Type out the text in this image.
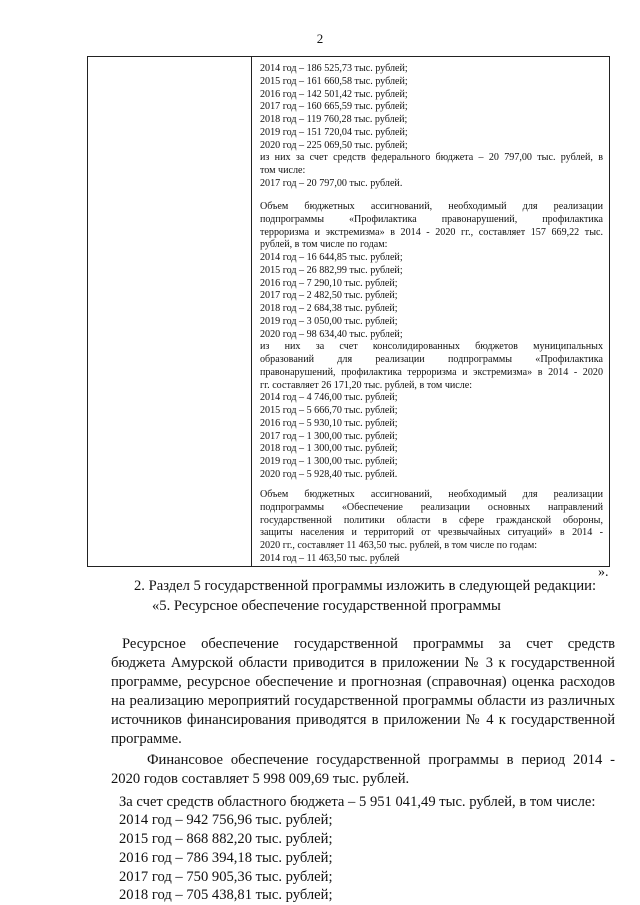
2
2014 год – 186 525,73 тыс. рублей;
2015 год – 161 660,58 тыс. рублей;
2016 год – 142 501,42 тыс. рублей;
2017 год – 160 665,59 тыс. рублей;
2018 год – 119 760,28 тыс. рублей;
2019 год – 151 720,04 тыс. рублей;
2020 год – 225 069,50 тыс. рублей;
из них за счет средств федерального бюджета – 20 797,00 тыс. рублей, в
том числе:
2017 год – 20 797,00 тыс. рублей.
Объем бюджетных ассигнований, необходимый для реализации
подпрограммы «Профилактика правонарушений, профилактика
терроризма и экстремизма» в 2014 - 2020 гг., составляет 157 669,22 тыс.
рублей, в том числе по годам:
2014 год – 16 644,85 тыс. рублей;
2015 год – 26 882,99 тыс. рублей;
2016 год – 7 290,10 тыс. рублей;
2017 год – 2 482,50 тыс. рублей;
2018 год – 2 684,38 тыс. рублей;
2019 год – 3 050,00 тыс. рублей;
2020 год – 98 634,40 тыс. рублей;
из них за счет консолидированных бюджетов муниципальных
образований для реализации подпрограммы «Профилактика
правонарушений, профилактика терроризма и экстремизма» в 2014 - 2020
гг. составляет 26 171,20 тыс. рублей, в том числе:
2014 год – 4 746,00 тыс. рублей;
2015 год – 5 666,70 тыс. рублей;
2016 год – 5 930,10 тыс. рублей;
2017 год – 1 300,00 тыс. рублей;
2018 год – 1 300,00 тыс. рублей;
2019 год – 1 300,00 тыс. рублей;
2020 год – 5 928,40 тыс. рублей.
Объем бюджетных ассигнований, необходимый для реализации
подпрограммы «Обеспечение реализации основных направлений
государственной политики области в сфере гражданской обороны,
защиты населения и территорий от чрезвычайных ситуаций» в 2014 -
2020 гг., составляет 11 463,50 тыс. рублей, в том числе по годам:
2014 год – 11 463,50 тыс. рублей
».
2. Раздел 5 государственной программы изложить в следующей редакции:
«5. Ресурсное обеспечение государственной программы
Ресурсное обеспечение государственной программы за счет средств
бюджета Амурской области приводится в приложении № 3 к государственной
программе, ресурсное обеспечение и прогнозная (справочная) оценка расходов
на реализацию мероприятий государственной программы области из различных
источников финансирования приводятся в приложении № 4 к государственной
программе.
Финансовое обеспечение государственной программы в период 2014 -
2020 годов составляет 5 998 009,69 тыс. рублей.
За счет средств областного бюджета – 5 951 041,49 тыс. рублей, в том числе:
2014 год – 942 756,96 тыс. рублей;
2015 год – 868 882,20 тыс. рублей;
2016 год – 786 394,18 тыс. рублей;
2017 год – 750 905,36 тыс. рублей;
2018 год – 705 438,81 тыс. рублей;
